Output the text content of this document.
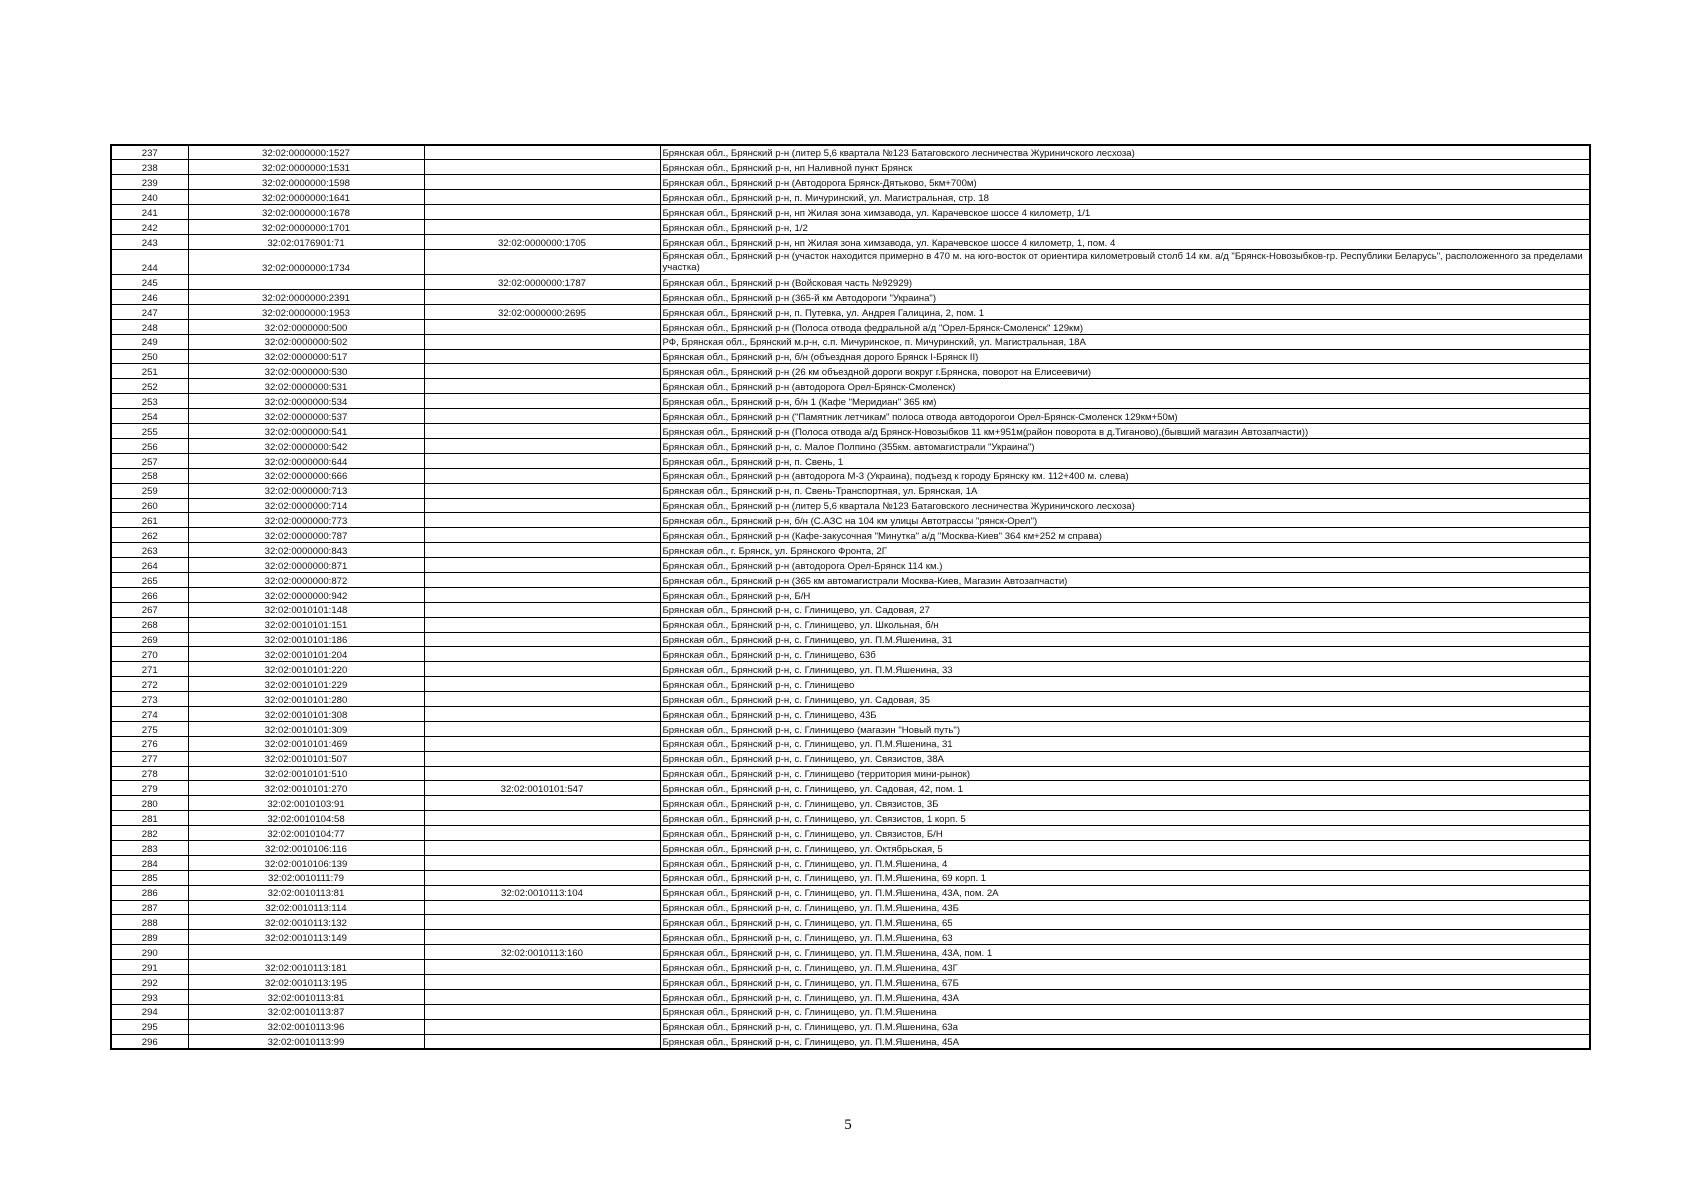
237	32:02:0000000:1527		Брянская обл., Брянский р-н (литер 5,6 квартала №123 Батаговского лесничества Журиничского лесхоза)
238	32:02:0000000:1531		Брянская обл., Брянский р-н, нп Наливной пункт Брянск
239	32:02:0000000:1598		Брянская обл., Брянский р-н (Автодорога Брянск-Дятьково, 5км+700м)
240	32:02:0000000:1641		Брянская обл., Брянский р-н, п. Мичуринский, ул. Магистральная, стр. 18
241	32:02:0000000:1678		Брянская обл., Брянский р-н, нп Жилая зона химзавода, ул. Карачевское шоссе 4 километр, 1/1
242	32:02:0000000:1701		Брянская обл., Брянский р-н, 1/2
243	32:02:0176901:71	32:02:0000000:1705	Брянская обл., Брянский р-н, нп Жилая зона химзавода, ул. Карачевское шоссе 4 километр, 1, пом. 4
244	32:02:0000000:1734		Брянская обл., Брянский р-н (участок находится примерно в 470 м. на юго-восток от ориентира километровый столб 14 км. а/д "Брянск-Новозыбков-гр. Республики Беларусь", расположенного за пределами участка)
245		32:02:0000000:1787	Брянская обл., Брянский р-н (Войсковая часть №92929)
246	32:02:0000000:2391		Брянская обл., Брянский р-н (365-й км Автодороги "Украина")
247	32:02:0000000:1953	32:02:0000000:2695	Брянская обл., Брянский р-н, п. Путевка, ул. Андрея Галицина, 2, пом. 1
248	32:02:0000000:500		Брянская обл., Брянский р-н (Полоса отвода федральной а/д "Орел-Брянск-Смоленск" 129км)
249	32:02:0000000:502		РФ, Брянская обл., Брянский м.р-н, с.п. Мичуринское, п. Мичуринский, ул. Магистральная, 18А
250	32:02:0000000:517		Брянская обл., Брянский р-н, б/н (объездная дорого Брянск I-Брянск II)
251	32:02:0000000:530		Брянская обл., Брянский р-н (26 км объездной дороги вокруг г.Брянска, поворот на Елисеевичи)
252	32:02:0000000:531		Брянская обл., Брянский р-н (автодорога Орел-Брянск-Смоленск)
253	32:02:0000000:534		Брянская обл., Брянский р-н, б/н 1 (Кафе "Меридиан" 365 км)
254	32:02:0000000:537		Брянская обл., Брянский р-н ("Памятник летчикам" полоса отвода автодорогои Орел-Брянск-Смоленск 129км+50м)
255	32:02:0000000:541		Брянская обл., Брянский р-н (Полоса отвода а/д Брянск-Новозыбков 11 км+951м(район поворота в д.Тиганово),(бывший магазин Автозапчасти))
256	32:02:0000000:542		Брянская обл., Брянский р-н, с. Малое Полпино (355км. автомагистрали "Украина")
257	32:02:0000000:644		Брянская обл., Брянский р-н, п. Свень, 1
258	32:02:0000000:666		Брянская обл., Брянский р-н (автодорога М-3 (Украина), подъезд к городу Брянску км. 112+400 м. слева)
259	32:02:0000000:713		Брянская обл., Брянский р-н, п. Свень-Транспортная, ул. Брянская, 1А
260	32:02:0000000:714		Брянская обл., Брянский р-н (литер 5,6 квартала №123 Батаговского лесничества Журиничского лесхоза)
261	32:02:0000000:773		Брянская обл., Брянский р-н, б/н (С.АЗС на 104 км улицы Автотрассы "рянск-Орел")
262	32:02:0000000:787		Брянская обл., Брянский р-н (Кафе-закусочная "Минутка" а/д "Москва-Киев" 364 км+252 м справа)
263	32:02:0000000:843		Брянская обл., г. Брянск, ул. Брянского Фронта, 2Г
264	32:02:0000000:871		Брянская обл., Брянский р-н (автодорога Орел-Брянск 114 км.)
265	32:02:0000000:872		Брянская обл., Брянский р-н (365 км автомагистрали Москва-Киев, Магазин Автозапчасти)
266	32:02:0000000:942		Брянская обл., Брянский р-н, Б/Н
267	32:02:0010101:148		Брянская обл., Брянский р-н, с. Глинищево, ул. Садовая, 27
268	32:02:0010101:151		Брянская обл., Брянский р-н, с. Глинищево, ул. Школьная, б/н
269	32:02:0010101:186		Брянская обл., Брянский р-н, с. Глинищево, ул. П.М.Яшенина, 31
270	32:02:0010101:204		Брянская обл., Брянский р-н, с. Глинищево, 63б
271	32:02:0010101:220		Брянская обл., Брянский р-н, с. Глинищево, ул. П.М.Яшенина, 33
272	32:02:0010101:229		Брянская обл., Брянский р-н, с. Глинищево
273	32:02:0010101:280		Брянская обл., Брянский р-н, с. Глинищево, ул. Садовая, 35
274	32:02:0010101:308		Брянская обл., Брянский р-н, с. Глинищево, 43Б
275	32:02:0010101:309		Брянская обл., Брянский р-н, с. Глинищево (магазин "Новый путь")
276	32:02:0010101:469		Брянская обл., Брянский р-н, с. Глинищево, ул. П.М.Яшенина, 31
277	32:02:0010101:507		Брянская обл., Брянский р-н, с. Глинищево, ул. Связистов, 38А
278	32:02:0010101:510		Брянская обл., Брянский р-н, с. Глинищево (территория мини-рынок)
279	32:02:0010101:270	32:02:0010101:547	Брянская обл., Брянский р-н, с. Глинищево, ул. Садовая, 42, пом. 1
280	32:02:0010103:91		Брянская обл., Брянский р-н, с. Глинищево, ул. Связистов, 3Б
281	32:02:0010104:58		Брянская обл., Брянский р-н, с. Глинищево, ул. Связистов, 1 корп. 5
282	32:02:0010104:77		Брянская обл., Брянский р-н, с. Глинищево, ул. Связистов, Б/Н
283	32:02:0010106:116		Брянская обл., Брянский р-н, с. Глинищево, ул. Октябрьская, 5
284	32:02:0010106:139		Брянская обл., Брянский р-н, с. Глинищево, ул. П.М.Яшенина, 4
285	32:02:0010111:79		Брянская обл., Брянский р-н, с. Глинищево, ул. П.М.Яшенина, 69 корп. 1
286	32:02:0010113:81	32:02:0010113:104	Брянская обл., Брянский р-н, с. Глинищево, ул. П.М.Яшенина, 43А, пом. 2А
287	32:02:0010113:114		Брянская обл., Брянский р-н, с. Глинищево, ул. П.М.Яшенина, 43Б
288	32:02:0010113:132		Брянская обл., Брянский р-н, с. Глинищево, ул. П.М.Яшенина, 65
289	32:02:0010113:149		Брянская обл., Брянский р-н, с. Глинищево, ул. П.М.Яшенина, 63
290		32:02:0010113:160	Брянская обл., Брянский р-н, с. Глинищево, ул. П.М.Яшенина, 43А, пом. 1
291	32:02:0010113:181		Брянская обл., Брянский р-н, с. Глинищево, ул. П.М.Яшенина, 43Г
292	32:02:0010113:195		Брянская обл., Брянский р-н, с. Глинищево, ул. П.М.Яшенина, 67Б
293	32:02:0010113:81		Брянская обл., Брянский р-н, с. Глинищево, ул. П.М.Яшенина, 43А
294	32:02:0010113:87		Брянская обл., Брянский р-н, с. Глинищево, ул. П.М.Яшенина
295	32:02:0010113:96		Брянская обл., Брянский р-н, с. Глинищево, ул. П.М.Яшенина, 63а
296	32:02:0010113:99		Брянская обл., Брянский р-н, с. Глинищево, ул. П.М.Яшенина, 45А
5
